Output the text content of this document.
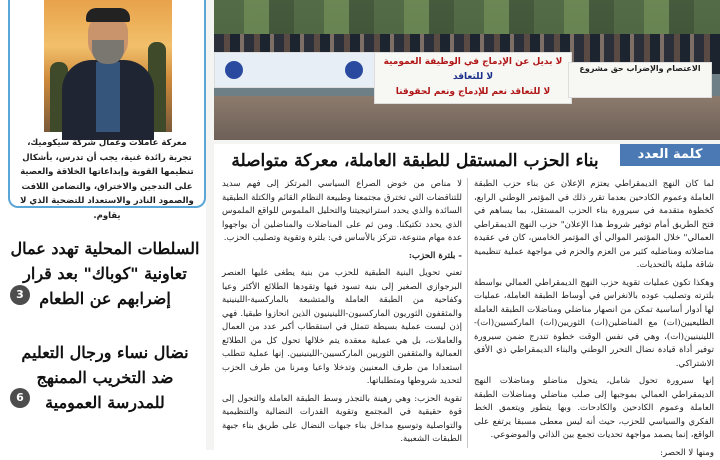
معركة عاملات وعمال شركة سيكوميك، تجربة رائدة غنية، يجب أن تدرس، بأشكال تنظيمها القوية وإبداعاتها الخلاقة والعصية على التدجين والاختراق، والتضامن اللافت والصمود النادر والاستعداد للتضحية الذي لا يقاوم.
السلطات المحلية تهدد عمال تعاونية "كوباك" بعد قرار إضرابهم عن الطعام
3
نضال نساء ورجال التعليم ضد التخريب الممنهج للمدرسة العمومية
6
لا بديل عن الإدماج في الوظيفة العمومية
لا للتعاقد
لا للتعاقد نعم للإدماج ونعم لحقوقنا
الاعتصام والإضراب حق مشروع
كلمة العدد
بناء الحزب المستقل للطبقة العاملة، معركة متواصلة

لما كان النهج الديمقراطي يعتزم الإعلان عن بناء حزب الطبقة العاملة وعموم الكادحين بعدما تقرر ذلك في المؤتمر الوطني الرابع، كخطوة متقدمة في سيرورة بناء الحزب المستقل، بما يساهم في فتح الطريق أمام توفير شروط هذا الإعلان" حزب النهج الديمقراطي العمالي" خلال المؤتمر الموالي أي المؤتمر الخامس، كان في عقيدة مناضلاته ومناضليه كثير من العزم والحزم في مواجهة عملية تنظيمية شاقة مليئة بالتحديات.

وهكذا تكون عمليات تقوية حزب النهج الديمقراطي العمالي بواسطة بلترته وتصليب عوده بالانغراس في أوساط الطبقة العاملة، عمليات لها أدوار أساسية تمكن من انصهار مناضلي ومناضلات الطبقة العاملة الطليعيين(ات) مع المناضلين(ات) الثوريين(ات) الماركسيين(ات)- اللينينيين(ات)، وهي في نفس الوقت خطوة تندرج ضمن سيرورة توفير أداة قيادة نضال التحرر الوطني والبناء الديمقراطي ذي الأفق الاشتراكي.

إنها سيرورة تحول شامل، يتحول مناضلو ومناضلات النهج الديمقراطي العمالي بموجبها إلى صلب مناضلي ومناضلات الطبقة العاملة وعموم الكادحين والكادحات. وبها يتطور ويتعمق الخط الفكري والسياسي للحزب، حيث أنه ليس معطى مسبقا يرتفع على الواقع، إنما يصمد مواجهة تحديات تجمع بين الذاتي والموضوعي.

ومنها لا الحصر:

لا مناص من خوض الصراع السياسي المرتكز إلى فهم سديد للتناقضات التي تخترق مجتمعنا وطبيعة النظام القائم والكتلة الطبقية السائدة والذي يحدد استراتيجيتنا والتحليل الملموس للواقع الملموس الذي يحدد تكتيكنا. ومن ثم على المناضلات والمناضلين أن يواجهوا عدة مهام متنوعة، تتركز بالأساس في: بلترة وتقوية وتصليب الحزب.

- بلترة الحزب:

تعني تحويل البنية الطبقية للحزب من بنية يطغى عليها العنصر البرجوازي الصغير إلى بنية تسود فيها وتقودها الطلائع الأكثر وعيا وكفاحية من الطبقة العاملة والمتشبعة بالماركسية-اللينينية والمثقفون الثوريون الماركسيون-اللينينيون الذين انحازوا طبقيا. فهي إذن ليست عملية بسيطة تتمثل في استقطاب أكبر عدد من العمال والعاملات، بل هي عملية معقدة يتم خلالها تحول كل من الطلائع العمالية والمثقفين الثوريين الماركسيين-اللينينيين. إنها عملية تتطلب استعدادا من طرف المعنيين وتدخلا واعيا ومرنا من طرف الحزب لتحديد شروطها ومتطلباتها.

تقوية الحزب: وهي رهينة بالتجذر وسط الطبقة العاملة والتحول إلى قوة حقيقية في المجتمع وتقوية القدرات النضالية والتنظيمية والتواصلية وتوسيع مداخل بناء جبهات النضال على طريق بناء جبهة الطبقات الشعبية.
